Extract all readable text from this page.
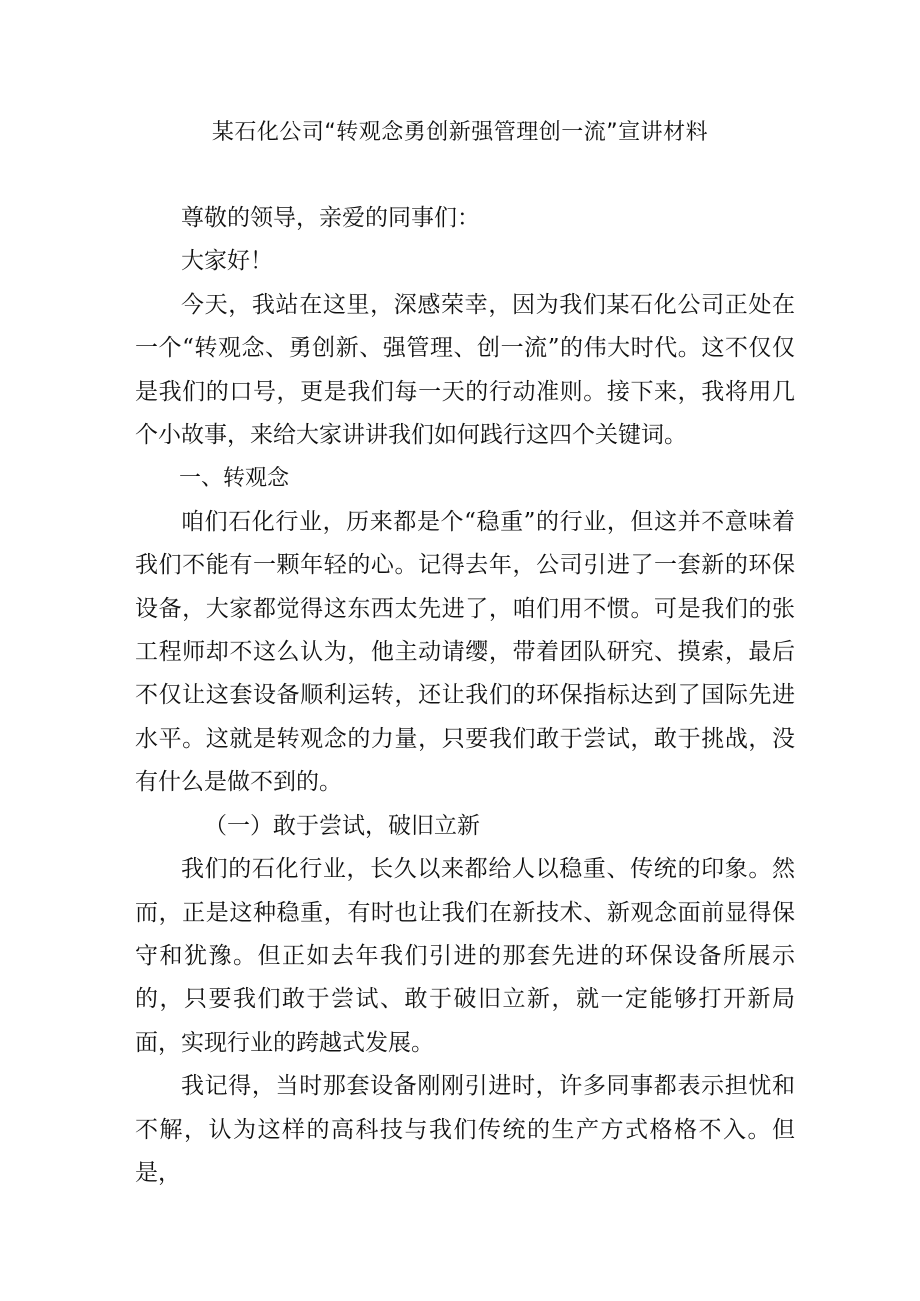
某石化公司“转观念勇创新强管理创一流”宣讲材料

尊敬的领导，亲爱的同事们：

大家好！

今天，我站在这里，深感荣幸，因为我们某石化公司正处在一个“转观念、勇创新、强管理、创一流”的伟大时代。这不仅仅是我们的口号，更是我们每一天的行动准则。接下来，我将用几个小故事，来给大家讲讲我们如何践行这四个关键词。

一、转观念

咱们石化行业，历来都是个“稳重”的行业，但这并不意味着我们不能有一颗年轻的心。记得去年，公司引进了一套新的环保设备，大家都觉得这东西太先进了，咱们用不惯。可是我们的张工程师却不这么认为，他主动请缨，带着团队研究、摸索，最后不仅让这套设备顺利运转，还让我们的环保指标达到了国际先进水平。这就是转观念的力量，只要我们敢于尝试，敢于挑战，没有什么是做不到的。

（一）敢于尝试，破旧立新

我们的石化行业，长久以来都给人以稳重、传统的印象。然而，正是这种稳重，有时也让我们在新技术、新观念面前显得保守和犹豫。但正如去年我们引进的那套先进的环保设备所展示的，只要我们敢于尝试、敢于破旧立新，就一定能够打开新局面，实现行业的跨越式发展。

我记得，当时那套设备刚刚引进时，许多同事都表示担忧和不解，认为这样的高科技与我们传统的生产方式格格不入。但是，
